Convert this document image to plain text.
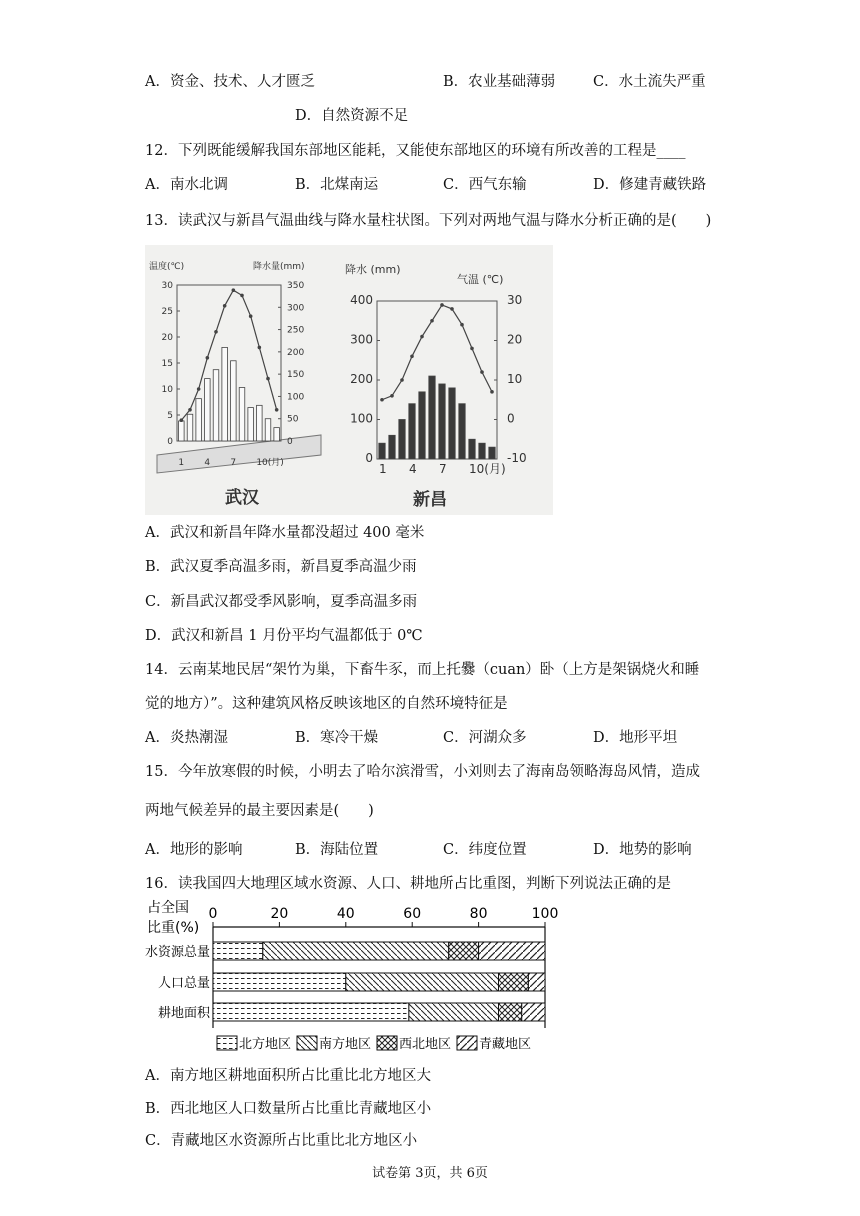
A．资金、技术、人才匮乏	B．农业基础薄弱	C．水土流失严重
D．自然资源不足
12．下列既能缓解我国东部地区能耗，又能使东部地区的环境有所改善的工程是____
A．南水北调	B．北煤南运	C．西气东输	D．修建青藏铁路
13．读武汉与新昌气温曲线与降水量柱状图。下列对两地气温与降水分析正确的是(　　)
温度(℃)	降水量(mm)
武汉
30
25
20
15
10
5
0
350
300
250
200
150
100
50
0
1 4 7 10(月)
降水 (mm)
气温 (℃)
新昌
400
300
200
100
0
30
20
10
0
-10
1 4 7 10(月)
A．武汉和新昌年降水量都没超过 400 毫米
B．武汉夏季高温多雨，新昌夏季高温少雨
C．新昌武汉都受季风影响，夏季高温多雨
D．武汉和新昌 1 月份平均气温都低于 0℃
14．云南某地民居“架竹为巢，下畜牛豕，而上托爨（cuan）卧（上方是架锅烧火和睡
觉的地方）”。这种建筑风格反映该地区的自然环境特征是
A．炎热潮湿	B．寒冷干燥	C．河湖众多	D．地形平坦
15．今年放寒假的时候，小明去了哈尔滨滑雪，小刘则去了海南岛领略海岛风情，造成
两地气候差异的最主要因素是(　　)
A．地形的影响	B．海陆位置	C．纬度位置	D．地势的影响
16．读我国四大地理区域水资源、人口、耕地所占比重图，判断下列说法正确的是
占全国
比重(%)
0	20	40	60	80	100
水资源总量
人口总量
耕地面积
北方地区 南方地区 西北地区 青藏地区
A．南方地区耕地面积所占比重比北方地区大
B．西北地区人口数量所占比重比青藏地区小
C．青藏地区水资源所占比重比北方地区小
试卷第 3页，共 6页
